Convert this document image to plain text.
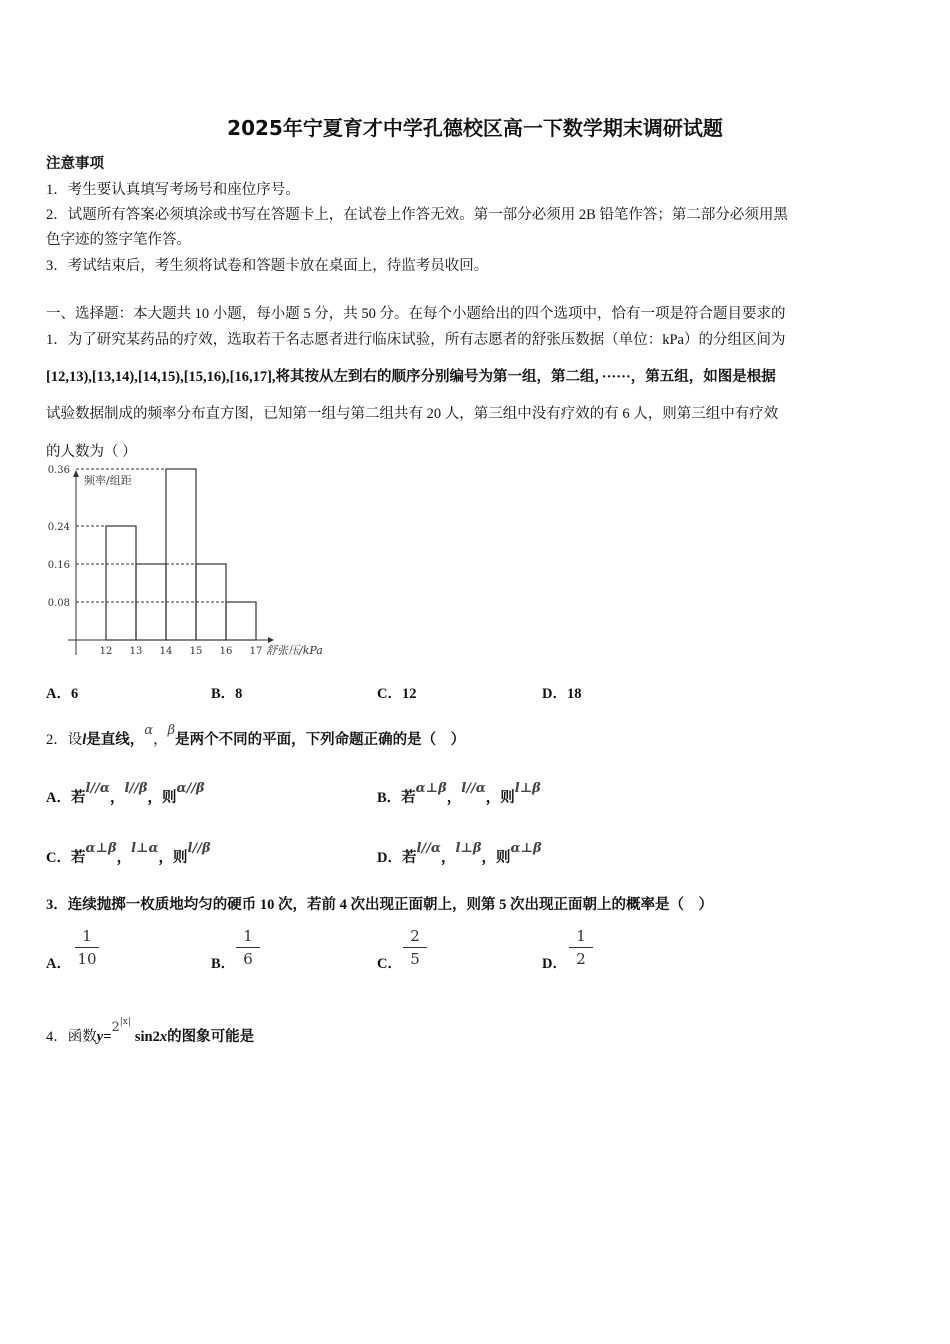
2025年宁夏育才中学孔德校区高一下数学期末调研试题
注意事项
1．考生要认真填写考场号和座位序号。
2．试题所有答案必须填涂或书写在答题卡上，在试卷上作答无效。第一部分必须用 2B 铅笔作答；第二部分必须用黑
色字迹的签字笔作答。
3．考试结束后，考生须将试卷和答题卡放在桌面上，待监考员收回。
一、选择题：本大题共 10 小题，每小题 5 分，共 50 分。在每个小题给出的四个选项中，恰有一项是符合题目要求的
1．为了研究某药品的疗效，选取若干名志愿者进行临床试验，所有志愿者的舒张压数据（单位：kPa）的分组区间为
[12,13),[13,14),[14,15),[15,16),[16,17],将其按从左到右的顺序分别编号为第一组，第二组，······，第五组，如图是根据
试验数据制成的频率分布直方图，已知第一组与第二组共有 20 人，第三组中没有疗效的有 6 人，则第三组中有疗效
的人数为（ ）
0.08
0.16
0.24
0.36
12 13 14 15 16 17
频率/组距
舒张压/kPa
A．6	B．8	C．12	D．18
2．设l是直线，α，β是两个不同的平面，下列命题正确的是（　）
A．若l//α，l//β，则α//β
B．若α⊥β，l//α，则l⊥β
C．若α⊥β，l⊥α，则l//β
D．若l//α，l⊥β，则α⊥β
3．连续抛掷一枚质地均匀的硬币 10 次，若前 4 次出现正面朝上，则第 5 次出现正面朝上的概率是（　）
A．
1
10	B．
1
6	C．
2
5	D．
1
2
4．函数$y=2^{|x|}\sin 2x$的图象可能是
